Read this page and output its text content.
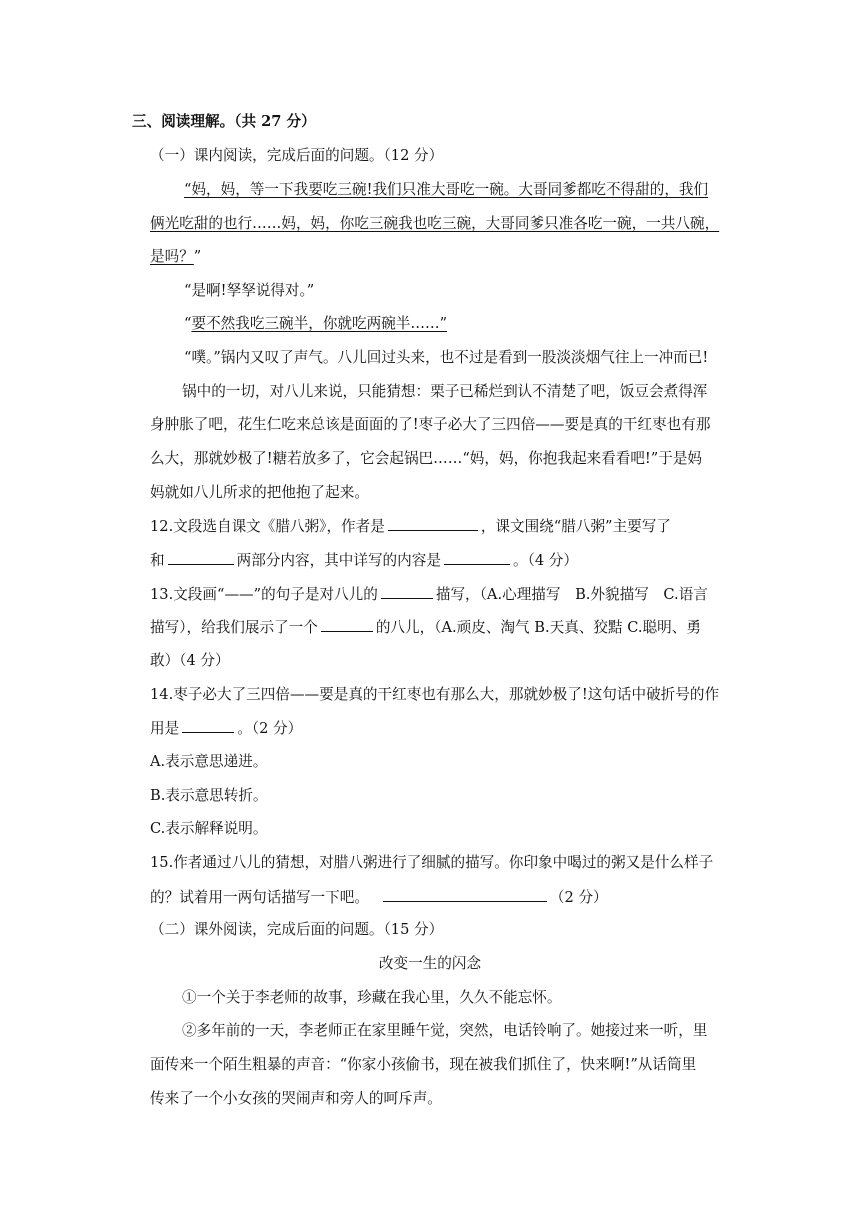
三、阅读理解。（共 27 分）
（一）课内阅读，完成后面的问题。（12 分）
“妈，妈，等一下我要吃三碗!我们只准大哥吃一碗。大哥同爹都吃不得甜的，我们
俩光吃甜的也行……妈，妈，你吃三碗我也吃三碗，大哥同爹只准各吃一碗，一共八碗，
是吗？”
“是啊!孥孥说得对。”
“要不然我吃三碗半，你就吃两碗半……”
“噗。”锅内又叹了声气。八儿回过头来，也不过是看到一股淡淡烟气往上一冲而已!
锅中的一切，对八儿来说，只能猜想：栗子已稀烂到认不清楚了吧，饭豆会煮得浑
身肿胀了吧，花生仁吃来总该是面面的了!枣子必大了三四倍——要是真的干红枣也有那
么大，那就妙极了!糖若放多了，它会起锅巴……“妈，妈，你抱我起来看看吧!”于是妈
妈就如八儿所求的把他抱了起来。
12.文段选自课文《腊八粥》，作者是	，课文围绕“腊八粥”主要写了
和	两部分内容，其中详写的内容是	。（4 分）
13.文段画“——”的句子是对八儿的	描写，（A.心理描写　B.外貌描写　C.语言
描写），给我们展示了一个	的八儿，（A.顽皮、淘气 B.天真、狡黠 C.聪明、勇
敢）（4 分）
14.枣子必大了三四倍——要是真的干红枣也有那么大，那就妙极了!这句话中破折号的作
用是	。（2 分）
A.表示意思递进。
B.表示意思转折。
C.表示解释说明。
15.作者通过八儿的猜想，对腊八粥进行了细腻的描写。你印象中喝过的粥又是什么样子
的？试着用一两句话描写一下吧。	（2 分）
（二）课外阅读，完成后面的问题。（15 分）
改变一生的闪念
①一个关于李老师的故事，珍藏在我心里，久久不能忘怀。
②多年前的一天，李老师正在家里睡午觉，突然，电话铃响了。她接过来一听，里
面传来一个陌生粗暴的声音：“你家小孩偷书，现在被我们抓住了，快来啊!”从话筒里
传来了一个小女孩的哭闹声和旁人的呵斥声。
